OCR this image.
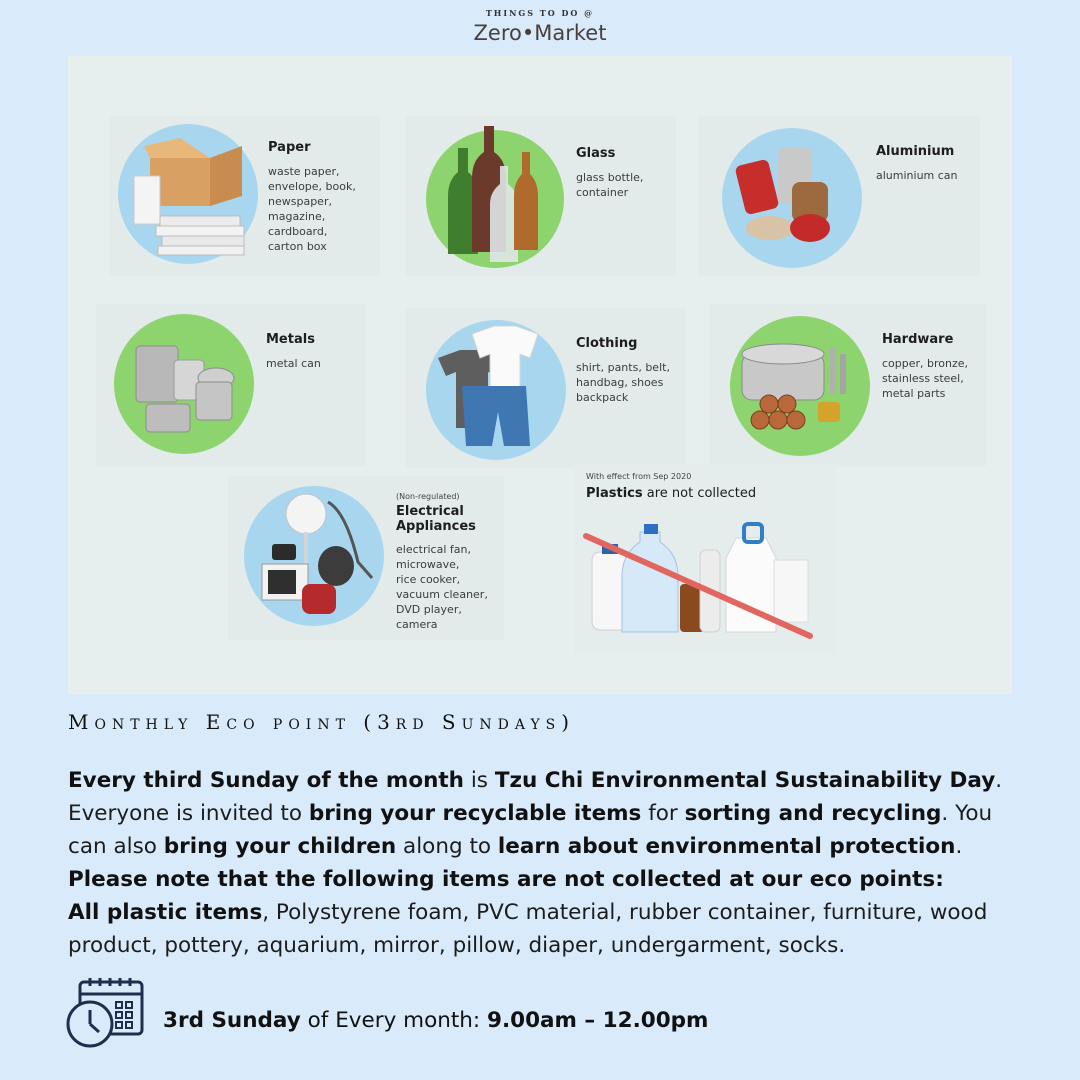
THINGS TO DO @
Zero•Market
Paper
waste paper,
envelope, book,
newspaper,
magazine,
cardboard,
carton box
Glass
glass bottle,
container
Aluminium
aluminium can
Metals
metal can
Clothing
shirt, pants, belt,
handbag, shoes
backpack
Hardware
copper, bronze,
stainless steel,
metal parts
(Non-regulated)
Electrical
Appliances
electrical fan,
microwave,
rice cooker,
vacuum cleaner,
DVD player,
camera
With effect from Sep 2020
Plastics are not collected
Monthly Eco point (3rd Sundays)
Every third Sunday of the month is Tzu Chi Environmental Sustainability Day. Everyone is invited to bring your recyclable items for sorting and recycling. You can also bring your children along to learn about environmental protection.
Please note that the following items are not collected at our eco points:
All plastic items, Polystyrene foam, PVC material, rubber container, furniture, wood product, pottery, aquarium, mirror, pillow, diaper, undergarment, socks.
3rd Sunday of Every month: 9.00am – 12.00pm
